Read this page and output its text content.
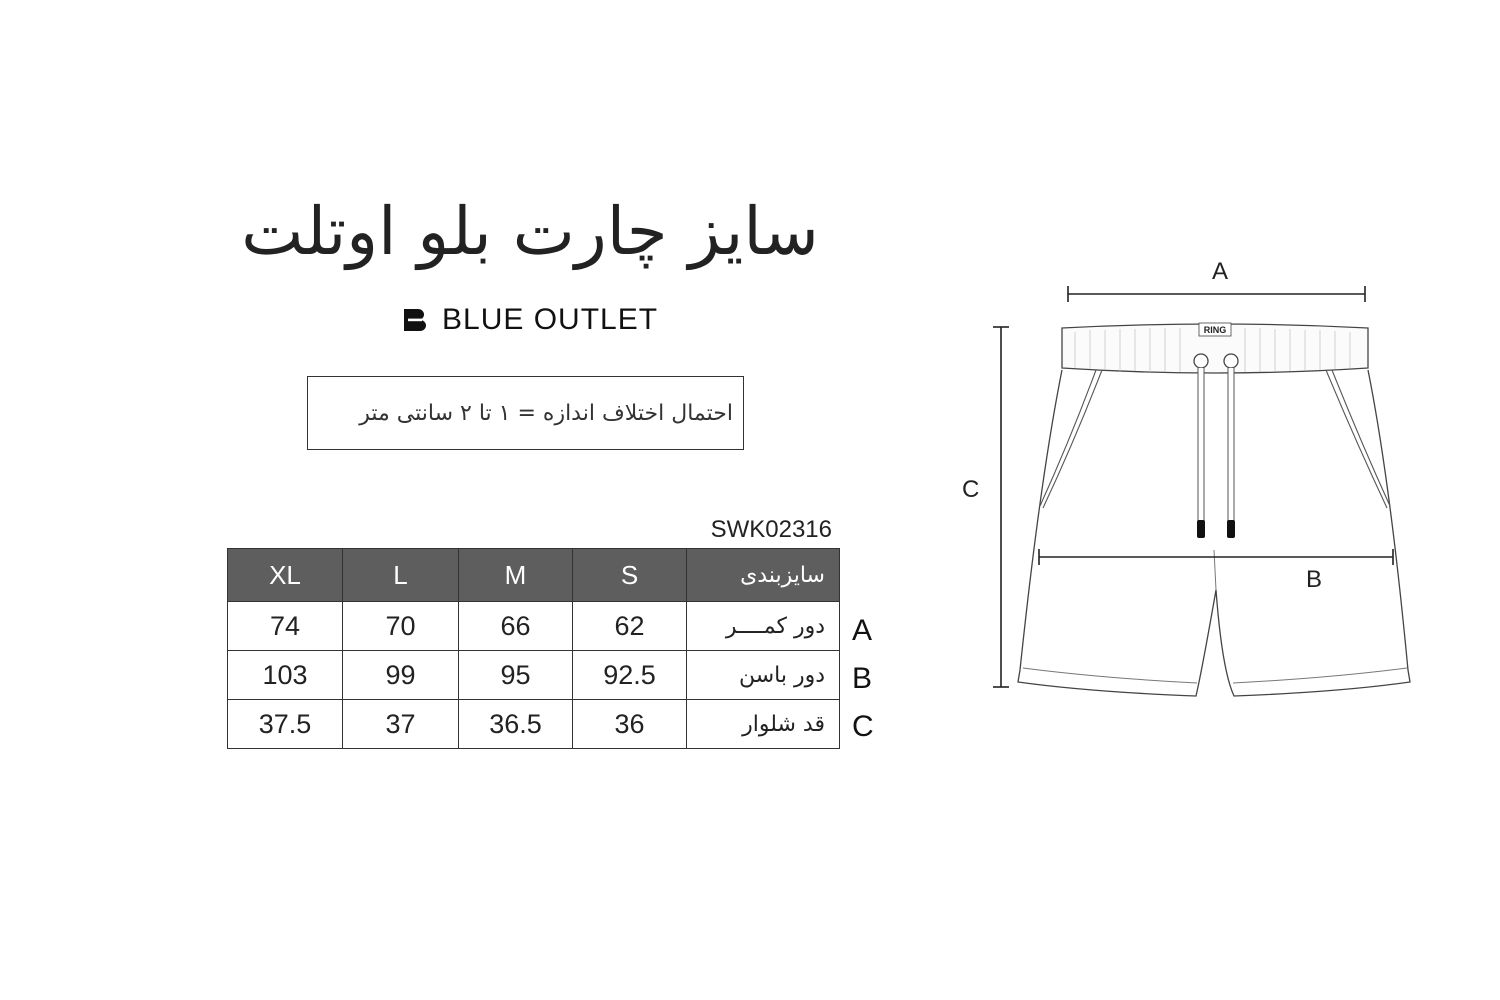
سایز چارت بلو اوتلت
BLUE OUTLET
احتمال اختلاف اندازه = ۱ تا ۲ سانتی متر
SWK02316
XL	L	M	S	سایزبندی
74	70	66	62	دور کمــــر
103	99	95	92.5	دور باسن
37.5	37	36.5	36	قد شلوار
A
B
C
RING
A
C
B
